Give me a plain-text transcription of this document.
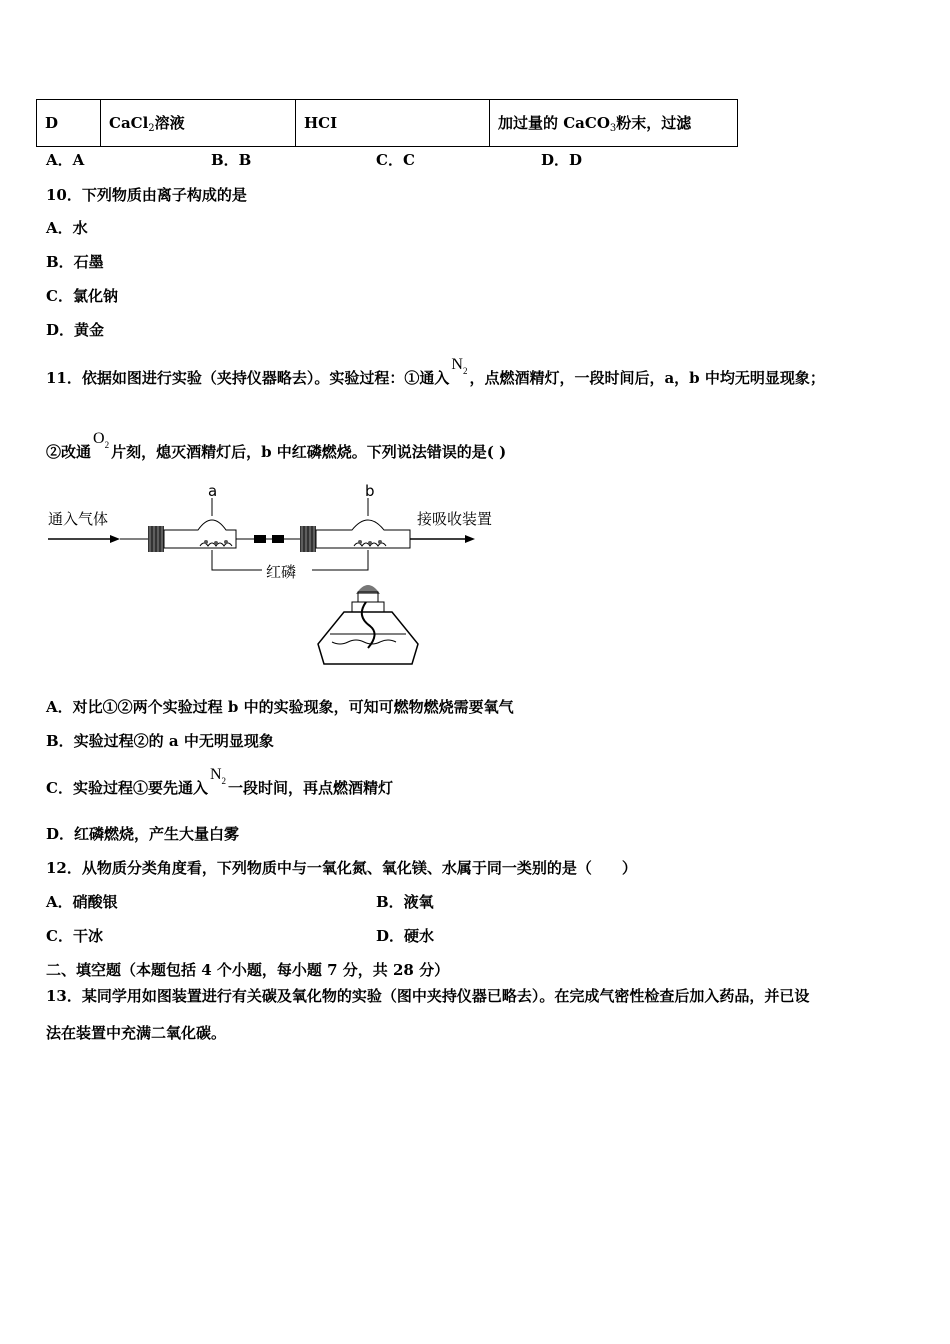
D	CaCl$_2$溶液	HCI	加过量的 CaCO$_3$粉末，过滤
A．A	B．B	C．C	D．D
10．下列物质由离子构成的是
A．水
B．石墨
C．氯化钠
D．黄金
11．依据如图进行实验（夹持仪器略去）。实验过程：①通入$N_2$ ，点燃酒精灯，一段时间后，a，b 中均无明显现象；
②改通$O_2$ 片刻，熄灭酒精灯后，b 中红磷燃烧。下列说法错误的是( )
通入气体
a	b
接吸收装置
红磷
A．对比①②两个实验过程 b 中的实验现象，可知可燃物燃烧需要氧气
B．实验过程②的 a 中无明显现象
C．实验过程①要先通入$N_2$ 一段时间，再点燃酒精灯
D．红磷燃烧，产生大量白雾
12．从物质分类角度看，下列物质中与一氧化氮、氧化镁、水属于同一类别的是（　　）
A．硝酸银	B．液氧
C．干冰	D．硬水
二、填空题（本题包括 4 个小题，每小题 7 分，共 28 分）
13．某同学用如图装置进行有关碳及氧化物的实验（图中夹持仪器已略去）。在完成气密性检查后加入药品，并已设
法在装置中充满二氧化碳。
